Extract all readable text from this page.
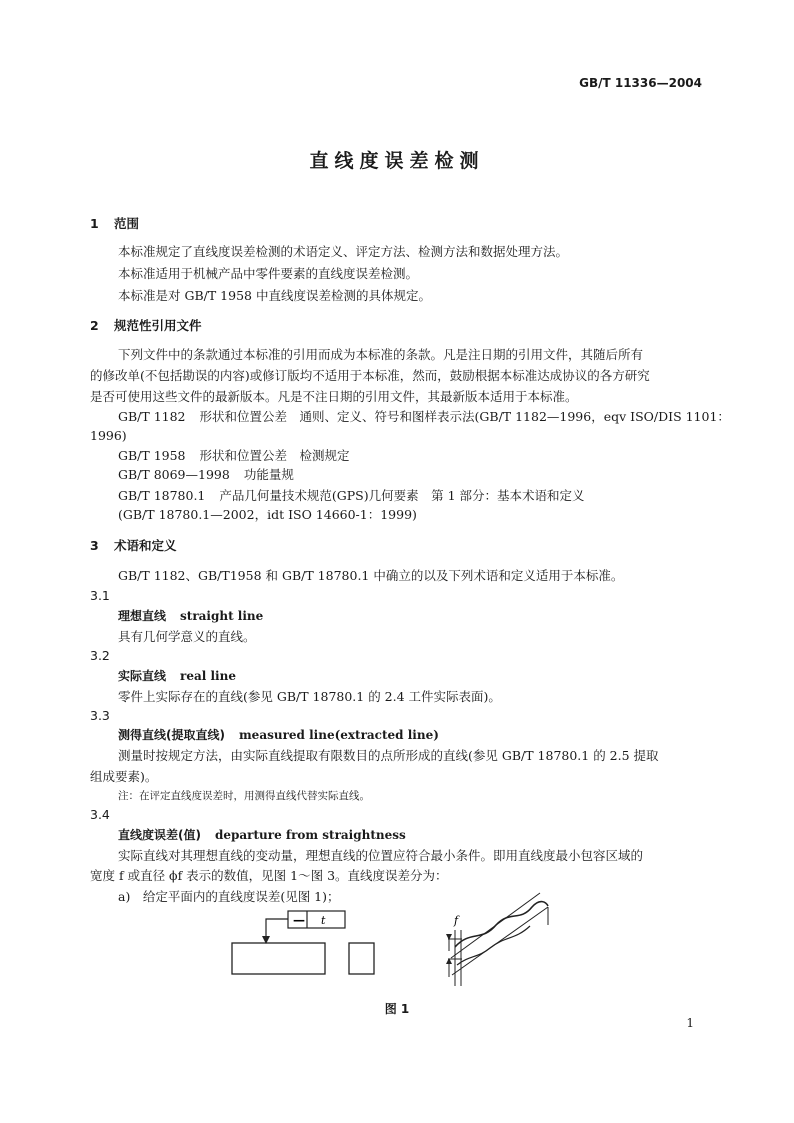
GB/T 11336—2004
直线度误差检测
1 范围
本标准规定了直线度误差检测的术语定义、评定方法、检测方法和数据处理方法。
本标准适用于机械产品中零件要素的直线度误差检测。
本标准是对 GB/T 1958 中直线度误差检测的具体规定。
2 规范性引用文件
下列文件中的条款通过本标准的引用而成为本标准的条款。凡是注日期的引用文件，其随后所有
的修改单(不包括勘误的内容)或修订版均不适用于本标准，然而，鼓励根据本标准达成协议的各方研究
是否可使用这些文件的最新版本。凡是不注日期的引用文件，其最新版本适用于本标准。
GB/T 1182 形状和位置公差　通则、定义、符号和图样表示法(GB/T 1182—1996，eqv ISO/DIS 1101：
1996)
GB/T 1958 形状和位置公差　检测规定
GB/T 8069—1998 功能量规
GB/T 18780.1 产品几何量技术规范(GPS)几何要素　第 1 部分：基本术语和定义
(GB/T 18780.1—2002，idt ISO 14660-1：1999)
3 术语和定义
GB/T 1182、GB/T1958 和 GB/T 18780.1 中确立的以及下列术语和定义适用于本标准。
3.1
理想直线 straight line
具有几何学意义的直线。
3.2
实际直线 real line
零件上实际存在的直线(参见 GB/T 18780.1 的 2.4 工件实际表面)。
3.3
测得直线(提取直线) measured line(extracted line)
测量时按规定方法，由实际直线提取有限数目的点所形成的直线(参见 GB/T 18780.1 的 2.5 提取
组成要素)。
注：在评定直线度误差时，用测得直线代替实际直线。
3.4
直线度误差(值) departure from straightness
实际直线对其理想直线的变动量，理想直线的位置应符合最小条件。即用直线度最小包容区域的
宽度 f 或直径 ϕf 表示的数值，见图 1～图 3。直线度误差分为：
a)　给定平面内的直线度误差(见图 1)；
— t	f
图 1
1
